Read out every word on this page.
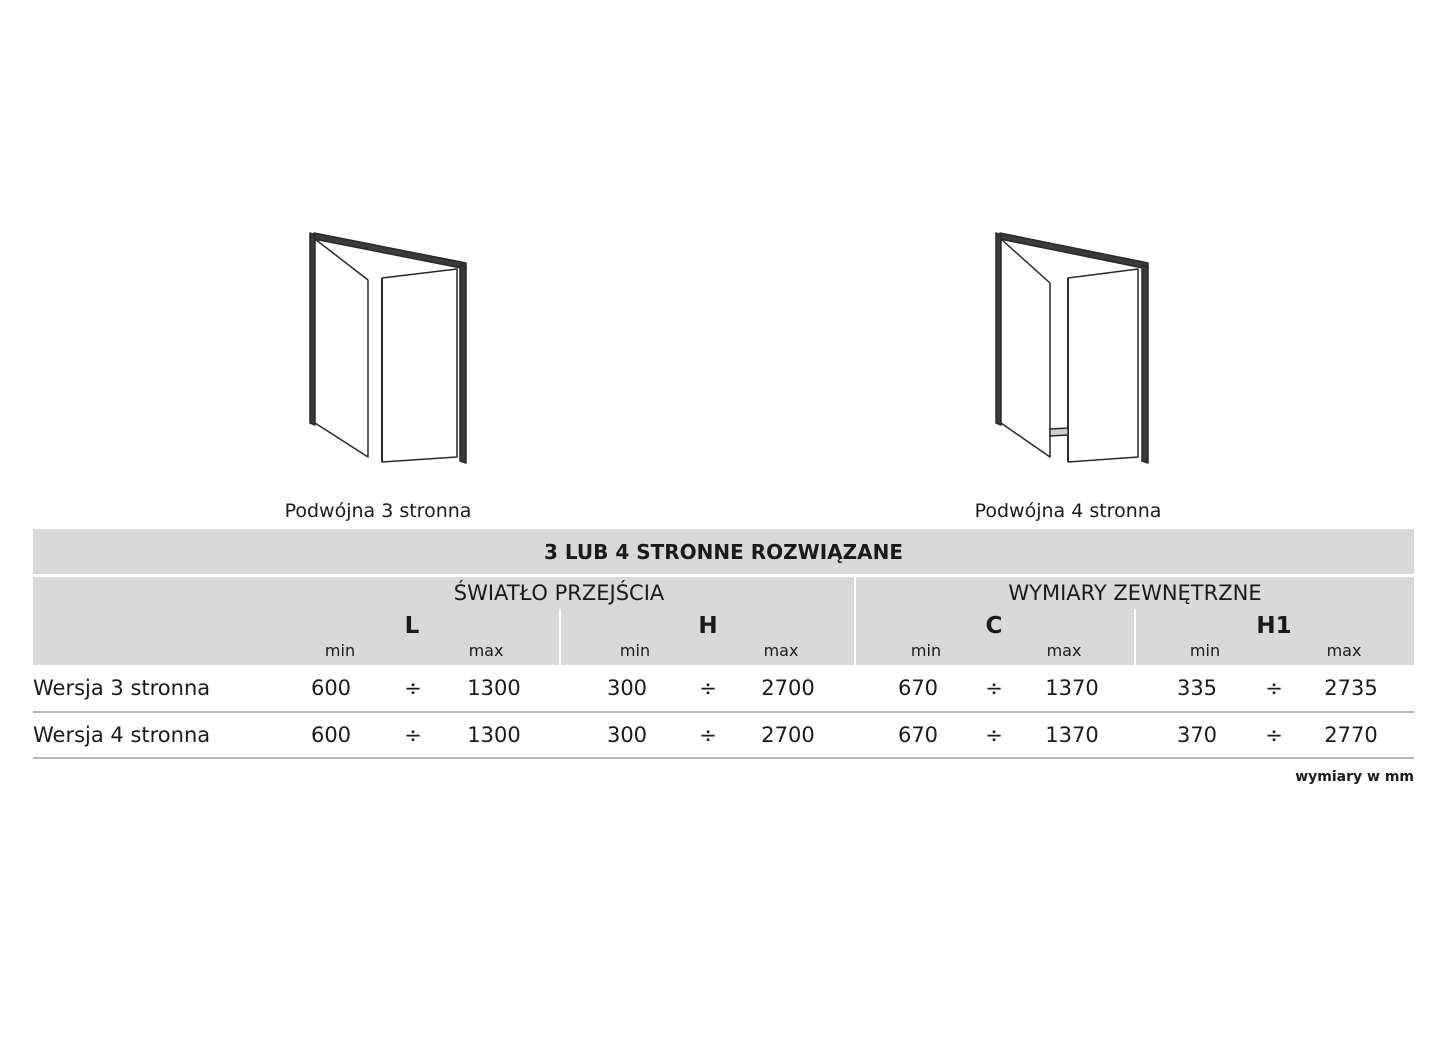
Podwójna 3 stronna	Podwójna 4 stronna
3 LUB 4 STRONNE ROZWIĄZANE
ŚWIATŁO PRZEJŚCIA	WYMIARY ZEWNĘTRZNE
L	H	C	H1
min	max	min	max	min	max	min	max
Wersja 3 stronna	600	÷	1300	300	÷	2700	670	÷	1370	335	÷	2735
Wersja 4 stronna	600	÷	1300	300	÷	2700	670	÷	1370	370	÷	2770
wymiary w mm
